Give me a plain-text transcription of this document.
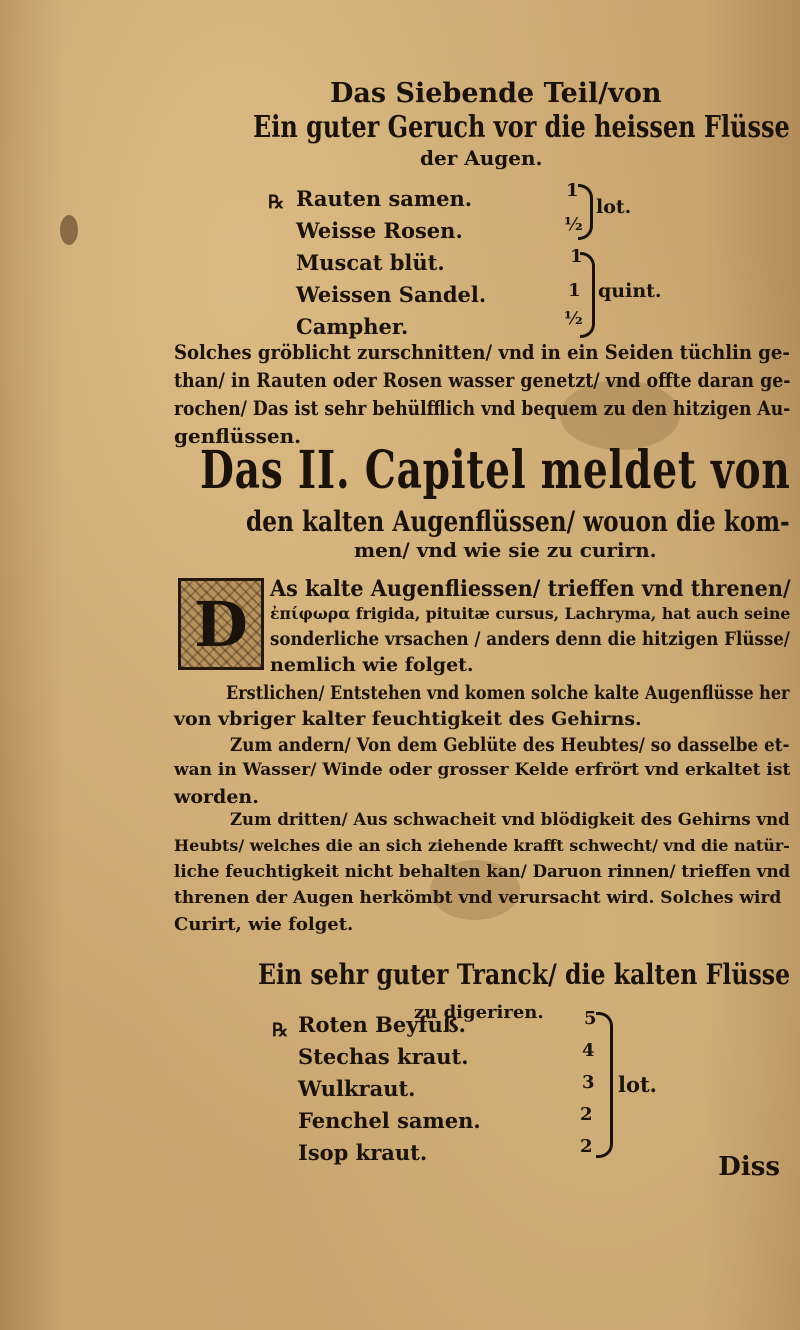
Das Siebende Teil/von
Ein guter Geruch vor die heissen Flüsse
der Augen.
℞ Rauten samen.
Weisse Rosen.
Muscat blüt.
Weissen Sandel.
Campher.
1
½
1
1
½
lot.
quint.
Solches gröblicht zurschnitten/ vnd in ein Seiden tüchlin ge-
than/ in Rauten oder Rosen wasser genetzt/ vnd offte daran ge-
rochen/ Das ist sehr behülfflich vnd bequem zu den hitzigen Au-
genflüssen.
Das II. Capitel meldet von
den kalten Augenflüssen/ wouon die kom-
men/ vnd wie sie zu curirn.
D	As kalte Augenfliessen/ trieffen vnd threnen/
ἐπίφωρα frigida, pituitæ cursus, Lachryma, hat auch seine
sonderliche vrsachen / anders denn die hitzigen Flüsse/
nemlich wie folget.
Erstlichen/ Entstehen vnd komen solche kalte Augenflüsse her
von vbriger kalter feuchtigkeit des Gehirns.
Zum andern/ Von dem Geblüte des Heubtes/ so dasselbe et-
wan in Wasser/ Winde oder grosser Kelde erfrört vnd erkaltet ist
worden.
Zum dritten/ Aus schwacheit vnd blödigkeit des Gehirns vnd
Heubts/ welches die an sich ziehende krafft schwecht/ vnd die natür-
liche feuchtigkeit nicht behalten kan/ Daruon rinnen/ trieffen vnd
threnen der Augen herkömbt vnd verursacht wird. Solches wird
Curirt, wie folget.
Ein sehr guter Tranck/ die kalten Flüsse
zu digeriren.
℞ Roten Beyfuß.
Stechas kraut.
Wulkraut.
Fenchel samen.
Isop kraut.
5
4
3
2
2
lot.
Diss
